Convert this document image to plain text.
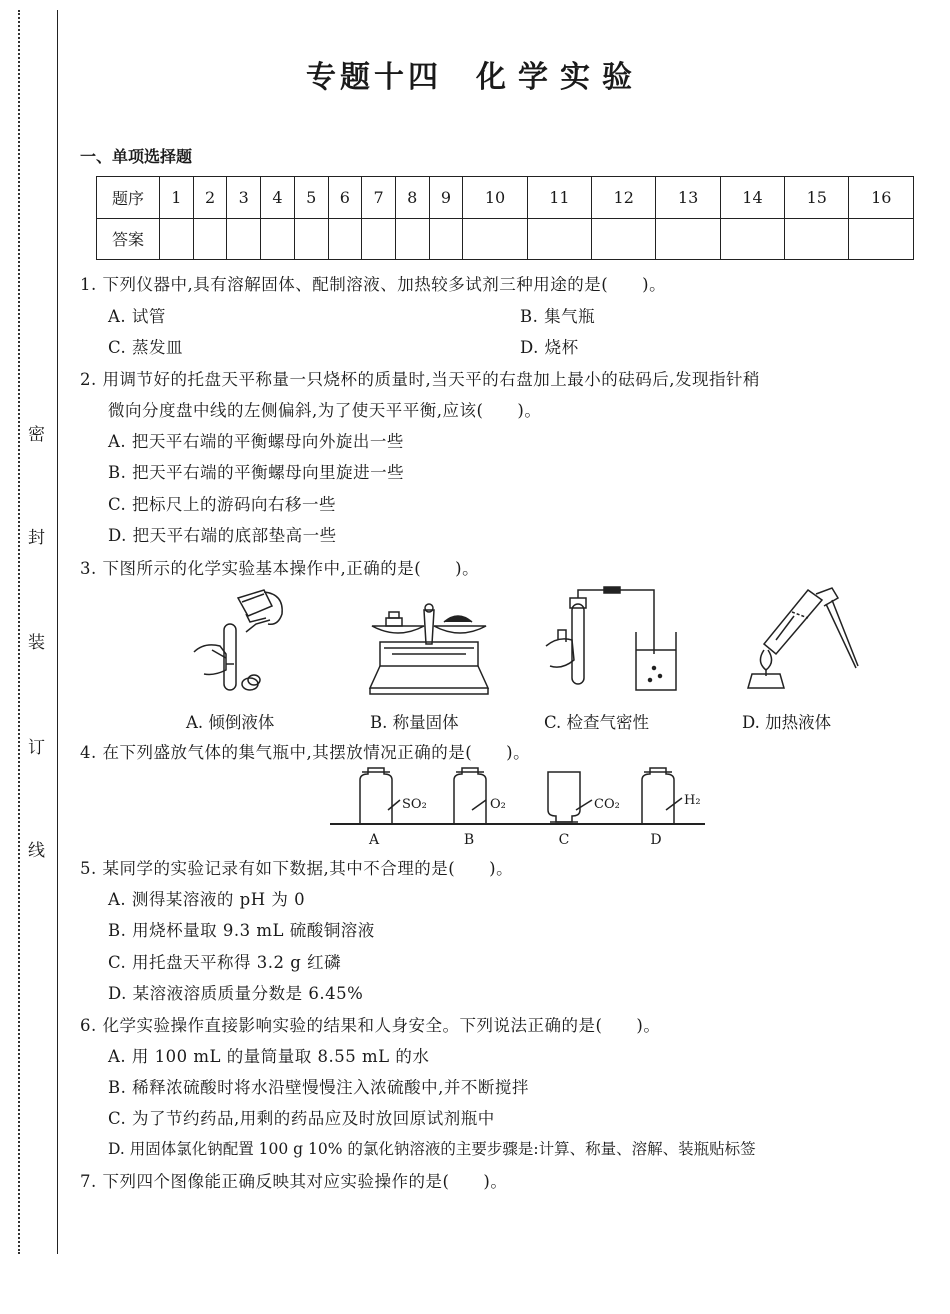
密
封
装
订
线
专题十四 化学实验
一、单项选择题
题序	1	2	3	4	5	6	7	8	9	10	11	12	13	14	15	16
答案																
1. 下列仪器中,具有溶解固体、配制溶液、加热较多试剂三种用途的是(　　)。
A. 试管	B. 集气瓶
C. 蒸发皿	D. 烧杯
2. 用调节好的托盘天平称量一只烧杯的质量时,当天平的右盘加上最小的砝码后,发现指针稍
微向分度盘中线的左侧偏斜,为了使天平平衡,应该(　　)。
A. 把天平右端的平衡螺母向外旋出一些
B. 把天平右端的平衡螺母向里旋进一些
C. 把标尺上的游码向右移一些
D. 把天平右端的底部垫高一些
3. 下图所示的化学实验基本操作中,正确的是(　　)。
A. 倾倒液体	B. 称量固体	C. 检查气密性	D. 加热液体
4. 在下列盛放气体的集气瓶中,其摆放情况正确的是(　　)。
SO₂	O₂	CO₂	H₂
A	B	C	D
5. 某同学的实验记录有如下数据,其中不合理的是(　　)。
A. 测得某溶液的 pH 为 0
B. 用烧杯量取 9.3 mL 硫酸铜溶液
C. 用托盘天平称得 3.2 g 红磷
D. 某溶液溶质质量分数是 6.45%
6. 化学实验操作直接影响实验的结果和人身安全。下列说法正确的是(　　)。
A. 用 100 mL 的量筒量取 8.55 mL 的水
B. 稀释浓硫酸时将水沿壁慢慢注入浓硫酸中,并不断搅拌
C. 为了节约药品,用剩的药品应及时放回原试剂瓶中
D. 用固体氯化钠配置 100 g 10% 的氯化钠溶液的主要步骤是:计算、称量、溶解、装瓶贴标签
7. 下列四个图像能正确反映其对应实验操作的是(　　)。
